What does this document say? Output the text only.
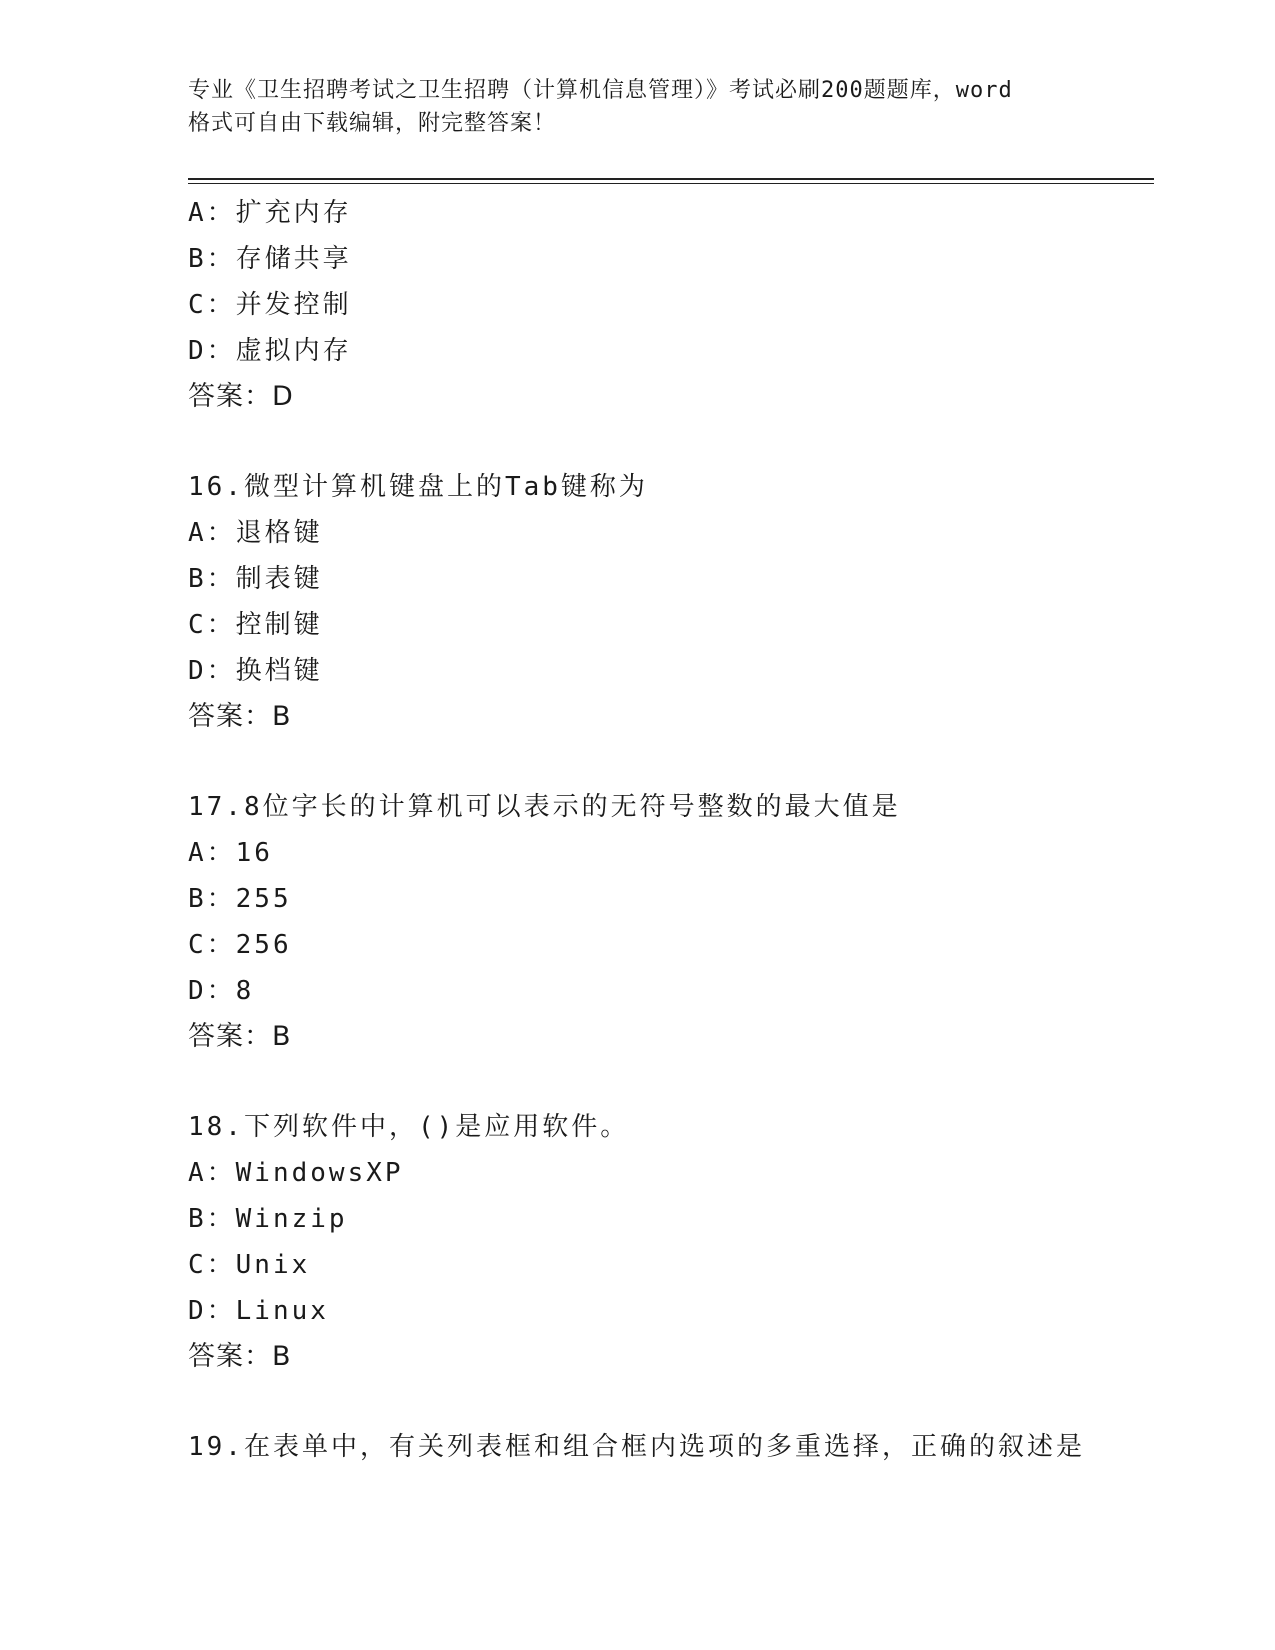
专业《卫生招聘考试之卫生招聘（计算机信息管理）》考试必刷200题题库，word
格式可自由下载编辑，附完整答案！
A：扩充内存
B：存储共享
C：并发控制
D：虚拟内存
答案：D
16.微型计算机键盘上的Tab键称为
A：退格键
B：制表键
C：控制键
D：换档键
答案：B
17.8位字长的计算机可以表示的无符号整数的最大值是
A：16
B：255
C：256
D：8
答案：B
18.下列软件中，()是应用软件。
A：WindowsXP
B：Winzip
C：Unix
D：Linux
答案：B
19.在表单中，有关列表框和组合框内选项的多重选择，正确的叙述是
